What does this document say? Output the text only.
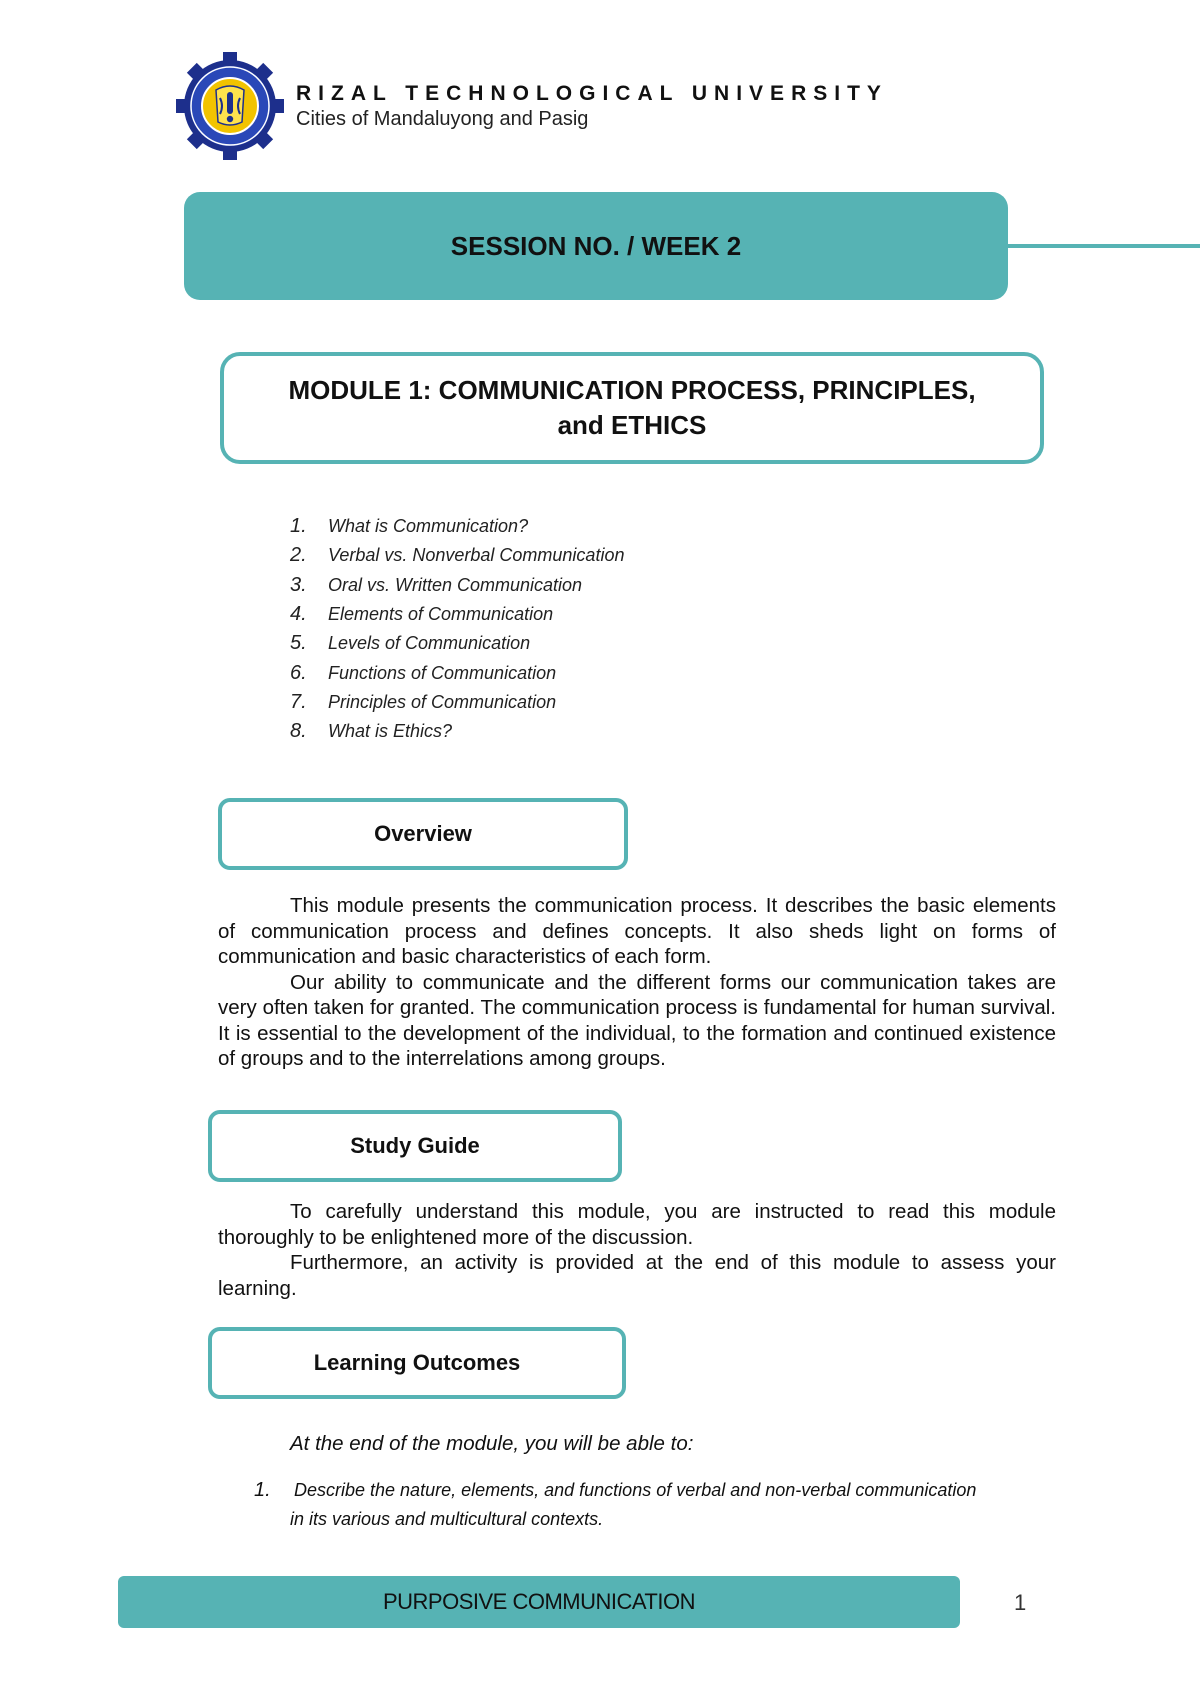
RIZAL TECHNOLOGICAL UNIVERSITY
Cities of Mandaluyong and Pasig
SESSION NO. / WEEK 2
MODULE 1: COMMUNICATION PROCESS, PRINCIPLES,
and ETHICS
1.	What is Communication?
2.	Verbal vs. Nonverbal Communication
3.	Oral vs. Written Communication
4.	Elements of Communication
5.	Levels of Communication
6.	Functions of Communication
7.	Principles of Communication
8.	What is Ethics?
Overview

This module presents the communication process. It describes the basic elements of communication process and defines concepts. It also sheds light on forms of communication and basic characteristics of each form.

Our ability to communicate and the different forms our communication takes are very often taken for granted. The communication process is fundamental for human survival. It is essential to the development of the individual, to the formation and continued existence of groups and to the interrelations among groups.

Study Guide

To carefully understand this module, you are instructed to read this module thoroughly to be enlightened more of the discussion.

Furthermore, an activity is provided at the end of this module to assess your learning.

Learning Outcomes
At the end of the module, you will be able to:
1. Describe the nature, elements, and functions of verbal and non-verbal communication
in its various and multicultural contexts.
PURPOSIVE COMMUNICATION	1
